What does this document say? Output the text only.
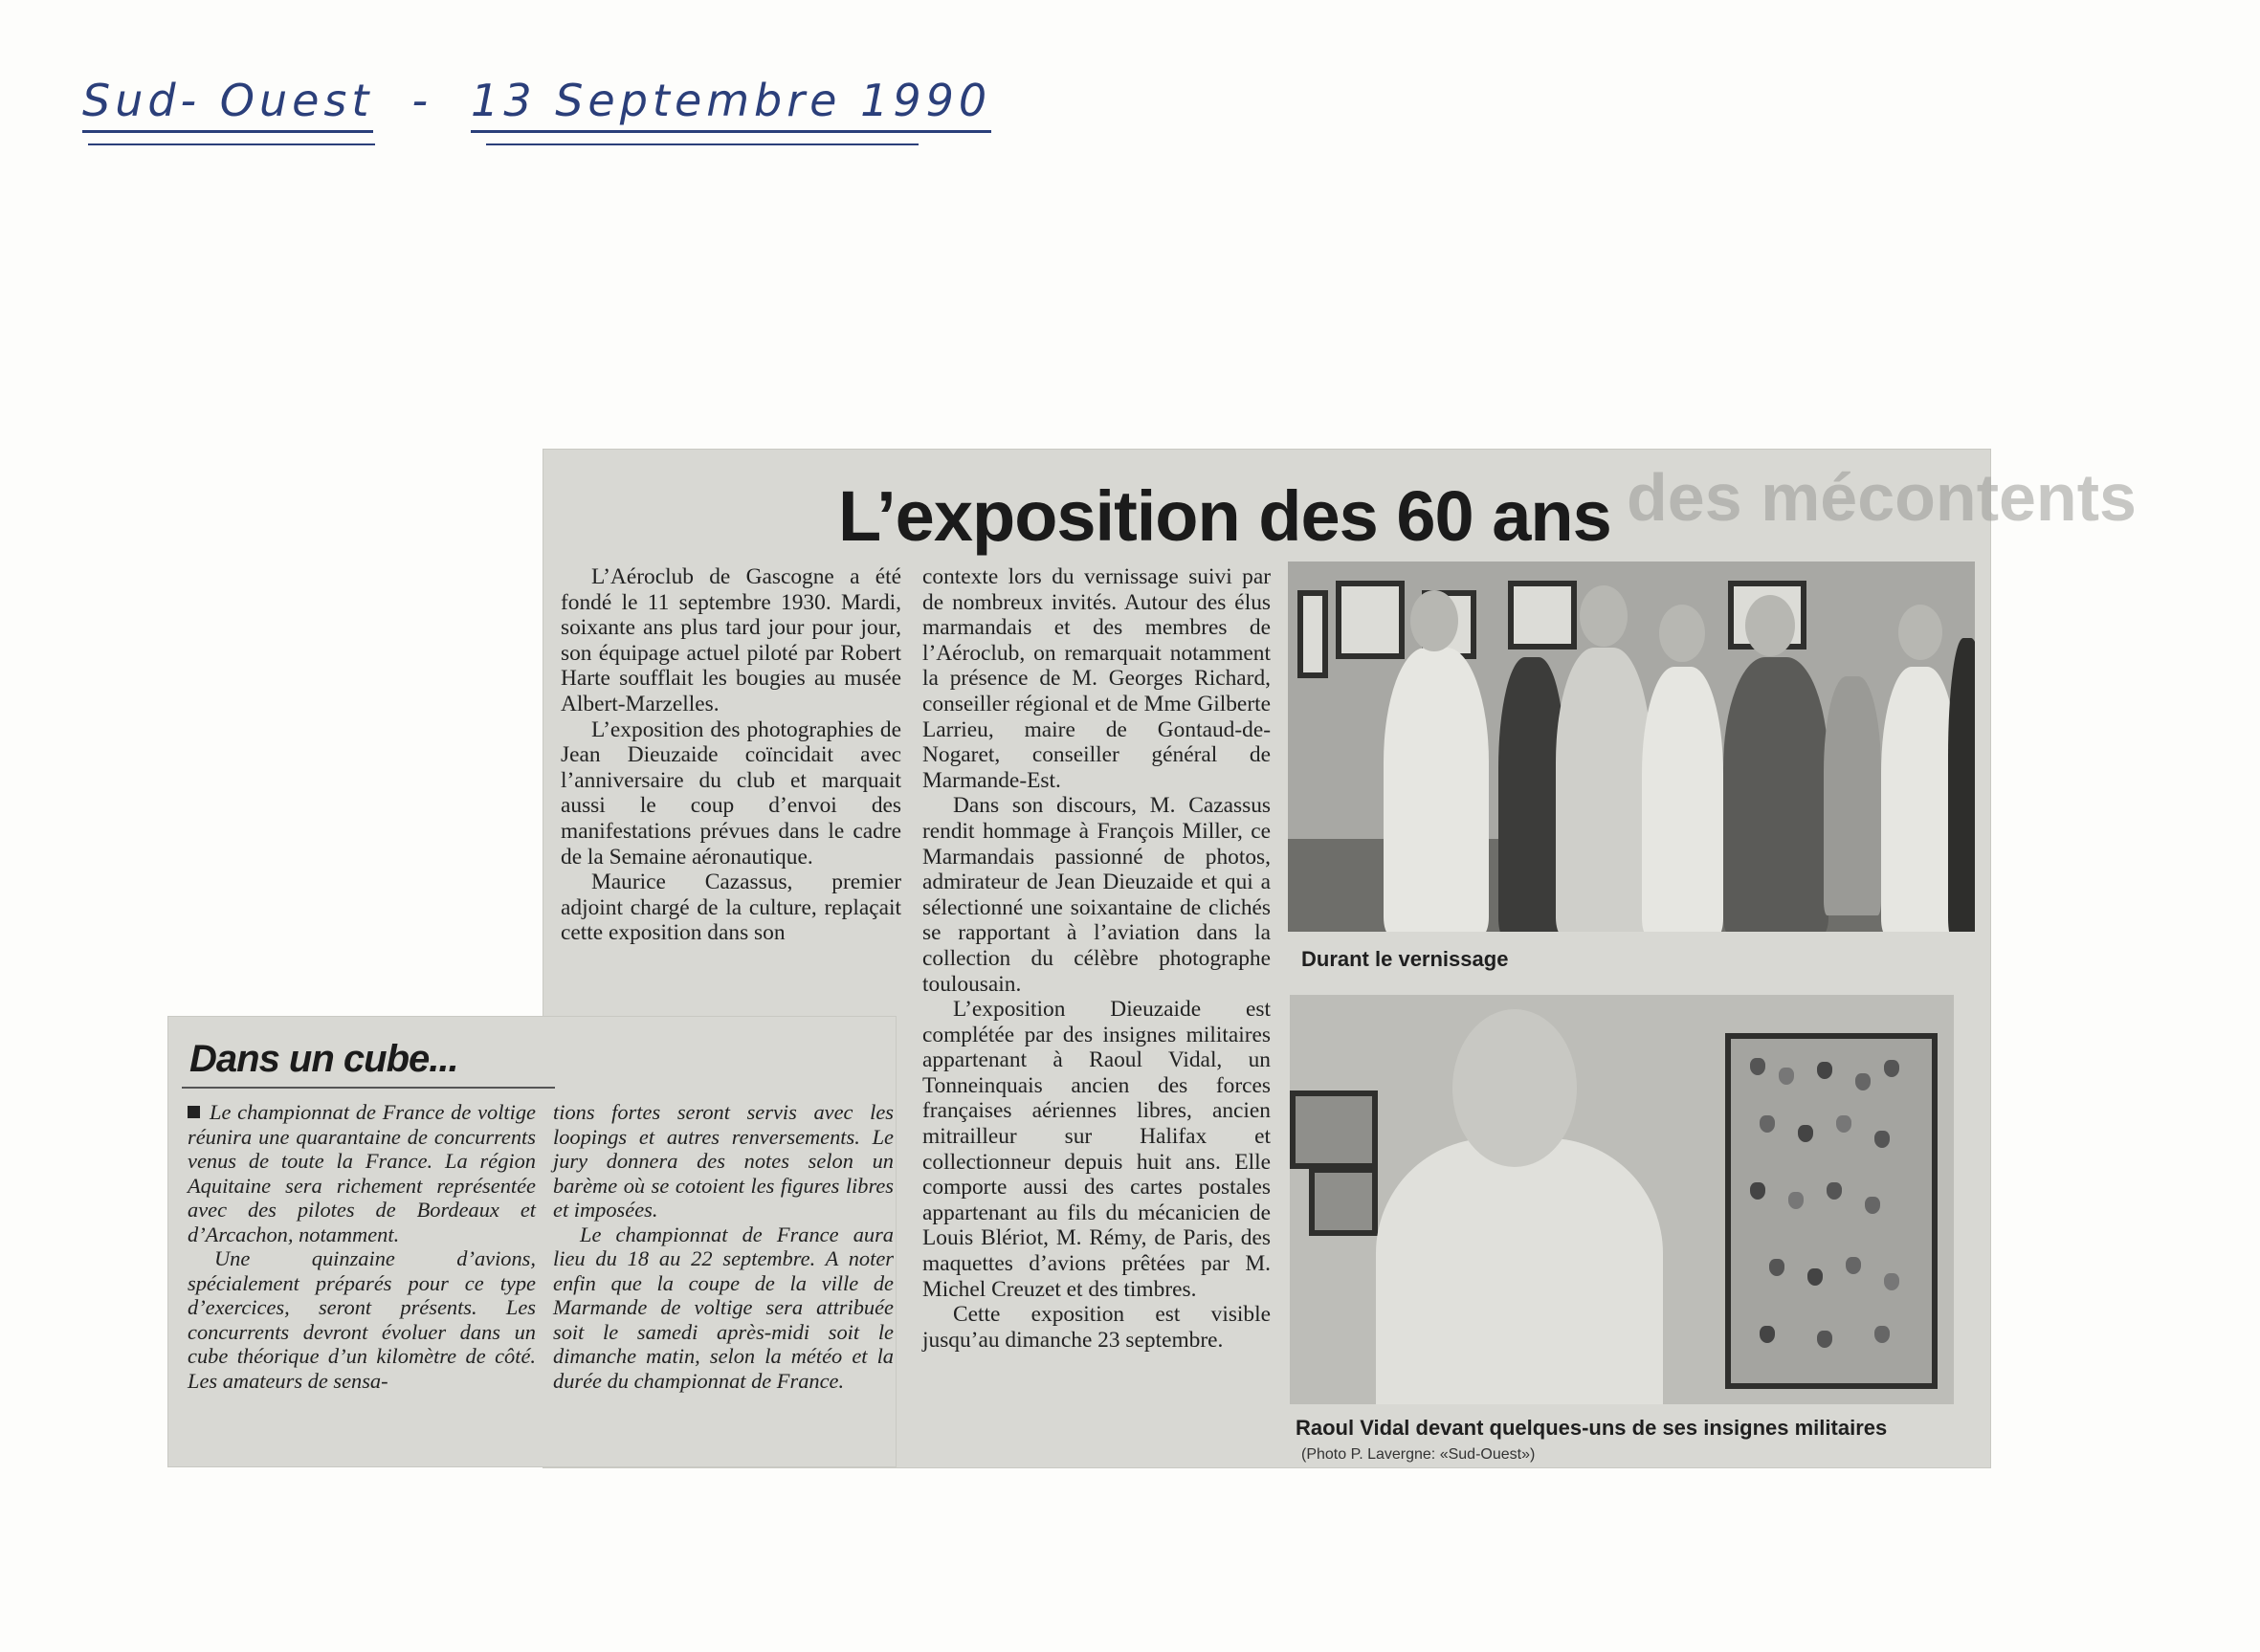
Sud- Ouest - 13 Septembre 1990
des mécontents
L’exposition des 60 ans

L’Aéroclub de Gascogne a été fondé le 11 septembre 1930. Mardi, soixante ans plus tard jour pour jour, son équipage actuel piloté par Robert Harte soufflait les bougies au musée Albert-Marzelles.

L’exposition des photographies de Jean Dieuzaide coïncidait avec l’anniversaire du club et marquait aussi le coup d’envoi des manifestations prévues dans le cadre de la Semaine aéronautique.

Maurice Cazassus, premier adjoint chargé de la culture, replaçait cette exposition dans son

contexte lors du vernissage suivi par de nombreux invités. Autour des élus marmandais et des membres de l’Aéroclub, on remarquait notamment la présence de M. Georges Richard, conseiller régional et de Mme Gilberte Larrieu, maire de Gontaud-de-Nogaret, conseiller général de Marmande-Est.

Dans son discours, M. Cazassus rendit hommage à François Miller, ce Marmandais passionné de photos, admirateur de Jean Dieuzaide et qui a sélectionné une soixantaine de clichés se rapportant à l’aviation dans la collection du célèbre photographe toulousain.

L’exposition Dieuzaide est complétée par des insignes militaires appartenant à Raoul Vidal, un Tonneinquais ancien des forces françaises aériennes libres, ancien mitrailleur sur Halifax et collectionneur depuis huit ans. Elle comporte aussi des cartes postales appartenant au fils du mécanicien de Louis Blériot, M. Rémy, de Paris, des maquettes d’avions prêtées par M. Michel Creuzet et des timbres.

Cette exposition est visible jusqu’au dimanche 23 septembre.

Durant le vernissage
Raoul Vidal devant quelques-uns de ses insignes militaires
(Photo P. Lavergne: «Sud-Ouest»)
Dans un cube...

Le championnat de France de voltige réunira une quarantaine de concurrents venus de toute la France. La région Aquitaine sera richement représentée avec des pilotes de Bordeaux et d’Arcachon, notamment.

Une quinzaine d’avions, spécialement préparés pour ce type d’exercices, seront présents. Les concurrents devront évoluer dans un cube théorique d’un kilomètre de côté. Les amateurs de sensa-

tions fortes seront servis avec les loopings et autres renversements. Le jury donnera des notes selon un barème où se cotoient les figures libres et imposées.

Le championnat de France aura lieu du 18 au 22 septembre. A noter enfin que la coupe de la ville de Marmande de voltige sera attribuée soit le samedi après-midi soit le dimanche matin, selon la météo et la durée du championnat de France.
